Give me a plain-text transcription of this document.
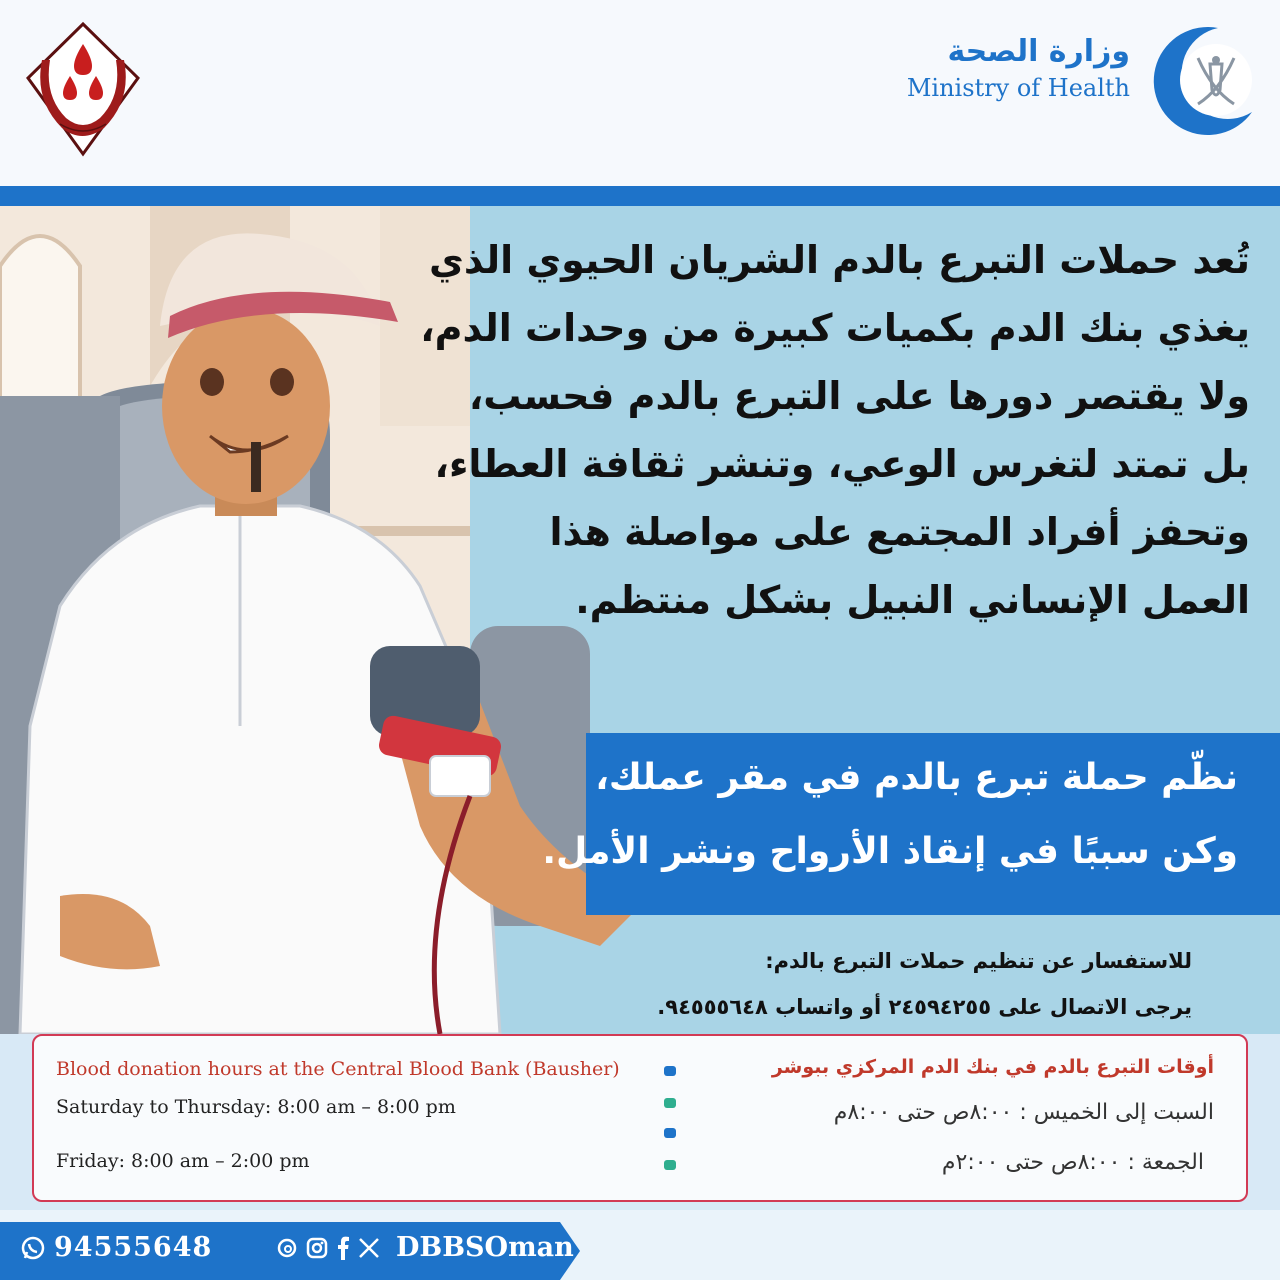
وزارة الصحة
Ministry of Health
تُعد حملات التبرع بالدم الشريان الحيوي الذي
يغذي بنك الدم بكميات كبيرة من وحدات الدم،
ولا يقتصر دورها على التبرع بالدم فحسب،
بل تمتد لتغرس الوعي، وتنشر ثقافة العطاء،
وتحفز أفراد المجتمع على مواصلة هذا
العمل الإنساني النبيل بشكل منتظم.
نظّم حملة تبرع بالدم في مقر عملك،
وكن سببًا في إنقاذ الأرواح ونشر الأمل.
للاستفسار عن تنظيم حملات التبرع بالدم:
يرجى الاتصال على ٢٤٥٩٤٢٥٥ أو واتساب ٩٤٥٥٥٦٤٨.
Blood donation hours at the Central Blood Bank (Bausher)
Saturday to Thursday: 8:00 am – 8:00 pm
Friday: 8:00 am – 2:00 pm
أوقات التبرع بالدم في بنك الدم المركزي ببوشر
السبت إلى الخميس : ٨:٠٠ص حتى ٨:٠٠م
الجمعة : ٨:٠٠ص حتى ٢:٠٠م
94555648	DBBSOman
